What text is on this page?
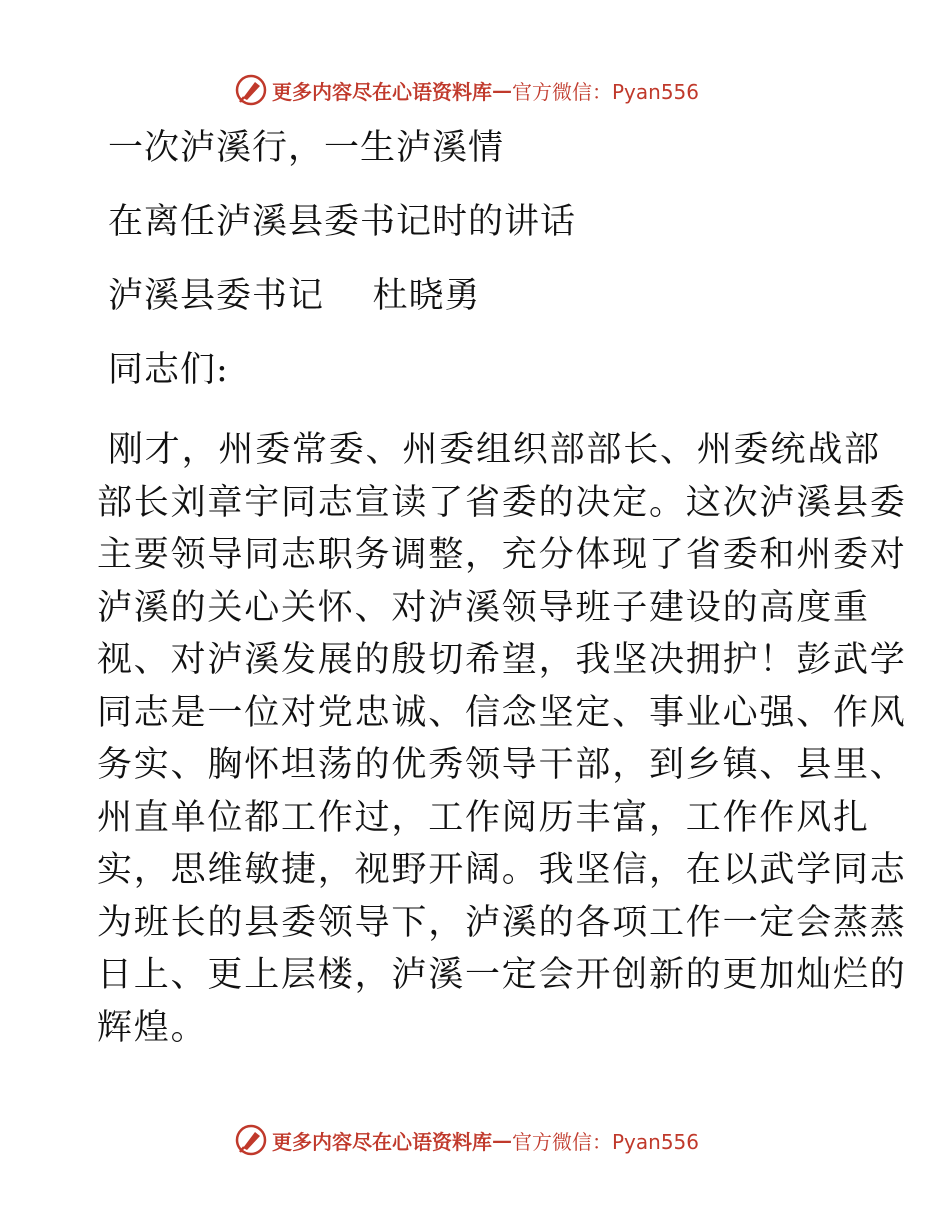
更多内容尽在心语资料库 — 官方微信：Pyan556
一次泸溪行，一生泸溪情
在离任泸溪县委书记时的讲话
泸溪县委书记    杜晓勇
同志们:

刚才，州委常委、州委组织部部长、州委统战部

部长刘章宇同志宣读了省委的决定。这次泸溪县委

主要领导同志职务调整，充分体现了省委和州委对

泸溪的关心关怀、对泸溪领导班子建设的高度重

视、对泸溪发展的殷切希望，我坚决拥护！彭武学

同志是一位对党忠诚、信念坚定、事业心强、作风

务实、胸怀坦荡的优秀领导干部，到乡镇、县里、

州直单位都工作过，工作阅历丰富，工作作风扎

实，思维敏捷，视野开阔。我坚信，在以武学同志

为班长的县委领导下，泸溪的各项工作一定会蒸蒸

日上、更上层楼，泸溪一定会开创新的更加灿烂的

辉煌。

更多内容尽在心语资料库 — 官方微信：Pyan556
